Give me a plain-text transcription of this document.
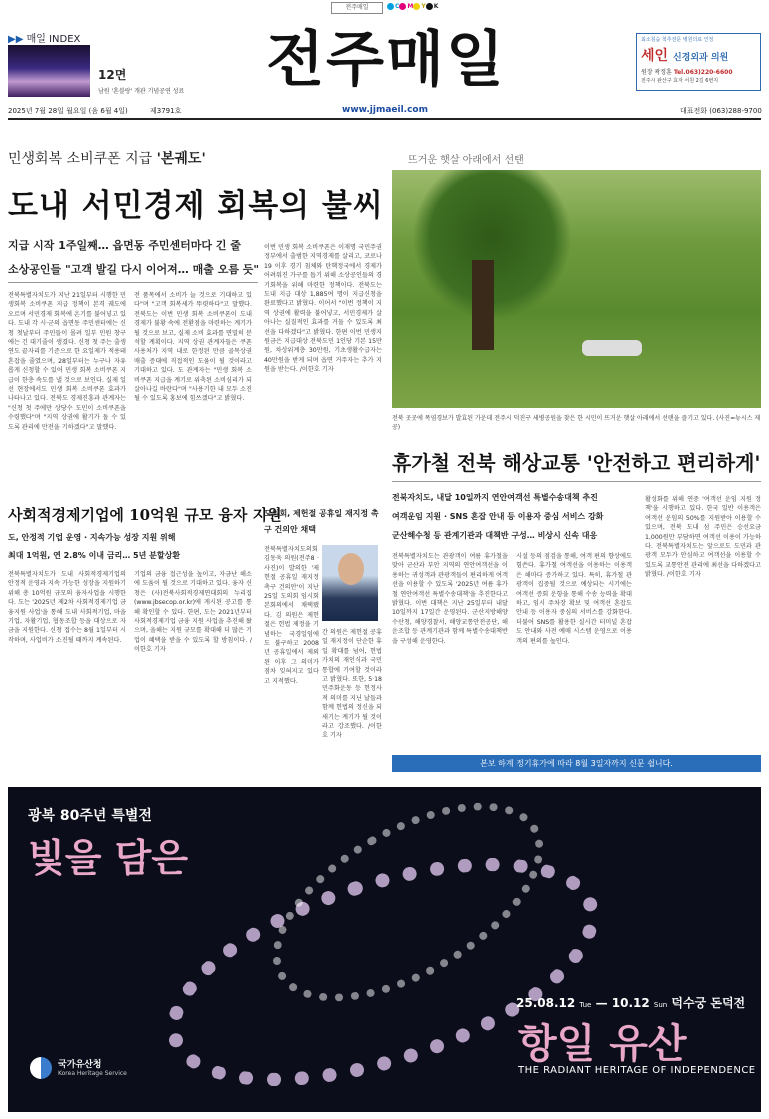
전주매일	C M Y K
▶▶ 매일 INDEX
12면
남원 '혼블랑' 개관 기념공연 성료 전주매일
www.jjmaeil.com
최소침습 척추전문 병원의료 인정
세인 신경외과 의원
원장 곽정훈 Tel.063)220-6600
전주시 완산구 효자 서원 2길 6번지
2025년 7월 28일 월요일 (음 6월 4일)	제3791호	대표전화 (063)288-9700
민생회복 소비쿠폰 지급 '본궤도'
도내 서민경제 회복의 불씨
지급 시작 1주일째… 읍면동 주민센터마다 긴 줄
소상공인들 "고객 발길 다시 이어져… 매출 오름 듯"
전북특별자치도가 지난 21일부터 시행한 민생회복 소비쿠폰 지급 정책이 본격 궤도에 오르며 서민경제 회복에 온기를 불어넣고 있다. 도내 각 시·군의 읍면동 주민센터에는 신청 첫날부터 주민들이 몰려 일부 민원 창구에는 긴 대기줄이 생겼다. 신청 첫 주는 출생연도 끝자리를 기준으로 한 요일제가 적용돼 혼잡을 줄였으며, 28일부터는 누구나 자유롭게 신청할 수 있어 민생 회복 소비쿠폰 지급이 한층 속도를 낼 것으로 보인다. 실제 일선 현장에서도 민생 회복 소비쿠폰 효과가 나타나고 있다. 전북도 경제진흥과 관계자는 "신청 첫 주에만 상당수 도민이 소비쿠폰을 수령했다"며 "지역 상권에 활기가 돌 수 있도록 관리에 만전을 기하겠다"고 말했다.
전 품목에서 소비가 늘 것으로 기대하고 있다"며 "고객 회복세가 뚜렷하다"고 말했다. 전북도는 이번 민생 회복 소비쿠폰이 도내 경제가 불황 속에 전환점을 마련하는 계기가 될 것으로 보고, 실제 소비 효과를 면밀히 분석할 계획이다. 지역 상권 관계자들은 쿠폰 사용처가 지역 내로 한정된 만큼 골목상권 매출 증대에 직접적인 도움이 될 것이라고 기대하고 있다. 도 관계자는 "민생 회복 소비쿠폰 지급을 계기로 위축된 소비심리가 되살아나길 바란다"며 "사용기한 내 모두 소진될 수 있도록 홍보에 힘쓰겠다"고 밝혔다.
이번 민생 회복 소비쿠폰은 이재명 국민주권 정부에서 출범한 지역경제를 살리고, 코로나19 이후 경기 침체와 탄핵정국에서 경제가 어려워진 가구를 돕기 위해 소상공인들의 경기회복을 위해 마련한 정책이다. 전북도는 도내 지급 대상 1,885여 명이 지급신청을 완료했다고 밝혔다. 이어서 "이번 정책이 지역 상권에 활력을 불어넣고, 서민경제가 살아나는 실질적인 효과를 거둘 수 있도록 최선을 다하겠다"고 밝혔다. 한편 이번 민생지원금은 지급대상 전북도민 1인당 기본 15만원, 차상위계층 30만원, 기초생활수급자는 40만원을 받게 되며 읍면 거주자는 추가 지원을 받는다. /이한호 기자
뜨거운 햇살 아래에서 선탠
전북 곳곳에 폭염경보가 발효된 가운데 전주시 덕진구 세병공원을 찾은 한 시민이 뜨거운 햇살 아래에서 선탠을 즐기고 있다. (사진=뉴시스 제공)
휴가철 전북 해상교통 '안전하고 편리하게'
전북자치도, 내달 10일까지 연안여객선 특별수송대책 추진
여객운임 지원 · SNS 혼잡 안내 등 이용자 중심 서비스 강화
군산해수청 등 관계기관과 대책반 구성… 비상시 신속 대응
전북특별자치도는 관광객이 여름 휴가철을 맞아 군산과 부안 지역의 연안여객선을 이용하는 귀성객과 관광객들이 편리하게 여객선을 이용할 수 있도록 '2025년 여름 휴가철 연안여객선 특별수송대책'을 추진한다고 밝혔다. 이번 대책은 지난 25일부터 내달 10일까지 17일간 운영된다. 군산지방해양수산청, 해양경찰서, 해양교통안전공단, 해운조합 등 관계기관과 함께 특별수송대책반을 구성해 운영한다.
시설 등의 점검을 통해, 여객 편의 향상에도 힘쓴다. 휴가철 여객선을 이용하는 이용객은 해마다 증가하고 있다. 특히, 휴가철 관광객이 집중될 것으로 예상되는 시기에는 여객선 증회 운항을 통해 수송 능력을 확대하고, 임시 주차장 확보 및 여객선 혼잡도 안내 등 이용자 중심의 서비스를 강화한다. 더불어 SNS를 활용한 실시간 터미널 혼잡도 안내와 사전 예매 시스템 운영으로 이용객의 편의를 높인다.
활성화를 위해 연중 '여객선 운임 지원 정책'을 시행하고 있다. 한국 일반 이용객은 여객선 운임의 50%를 지원받아 이용할 수 있으며, 전북 도내 섬 주민은 승선요금 1,000원만 부담하면 여객선 이용이 가능하다. 전북특별자치도는 앞으로도 도민과 관광객 모두가 안심하고 여객선을 이용할 수 있도록 교통안전 관리에 최선을 다하겠다고 밝혔다. /이한호 기자
사회적경제기업에 10억원 규모 융자 지원
도, 안정적 기업 운영 · 지속가능 성장 지원 위해
최대 1억원, 연 2.8% 이내 금리… 5년 분할상환
전북특별자치도가 도내 사회적경제기업의 안정적 운영과 지속 가능한 성장을 지원하기 위해 총 10억원 규모의 융자사업을 시행한다. 도는 '2025년 제2차 사회적경제기업 금융지원 사업'을 통해 도내 사회적기업, 마을기업, 자활기업, 협동조합 등을 대상으로 자금을 지원한다. 신청 접수는 8월 1일부터 시작하며, 사업비가 소진될 때까지 계속된다.
기업의 금융 접근성을 높이고, 자금난 해소에 도움이 될 것으로 기대하고 있다. 융자 신청은 (사)전북사회적경제연대회의 누리집(www.jbsecop.or.kr)에 게시된 공고를 통해 확인할 수 있다. 한편, 도는 2021년부터 사회적경제기업 금융 지원 사업을 추진해 왔으며, 올해는 지원 규모를 확대해 더 많은 기업이 혜택을 받을 수 있도록 할 방침이다. /이한호 기자
도의회, 제헌절 공휴일 재지정 촉구 건의안 채택
전북특별자치도의회 김동욱 의원(전주8 · 사진)이 발의한 '제헌절 공휴일 재지정 촉구 건의안'이 지난 25일 도의회 임시회 본회의에서 채택됐다. 김 의원은 제헌절은 헌법 제정을 기념하는 국경일임에도 불구하고 2008년 공휴일에서 제외된 이후 그 의미가 점차 잊혀지고 있다고 지적했다.
간 의원은 제헌절 공휴일 재지정이 단순한 휴일 확대를 넘어, 헌법 가치의 재인식과 국민 통합에 기여할 것이라고 밝혔다. 또한, 5·18 민주화운동 등 헌정사적 의미를 지닌 날들과 함께 헌법의 정신을 되새기는 계기가 될 것이라고 강조했다. /이한호 기자
본보 하계 정기휴가에 따라 8월 3일자까지 신문 쉽니다.
광복 80주년 특별전
빛을 담은
25.08.12 Tue — 10.12 Sun 덕수궁 돈덕전
항일 유산
THE RADIANT HERITAGE OF INDEPENDENCE
국가유산청
Korea Heritage Service
